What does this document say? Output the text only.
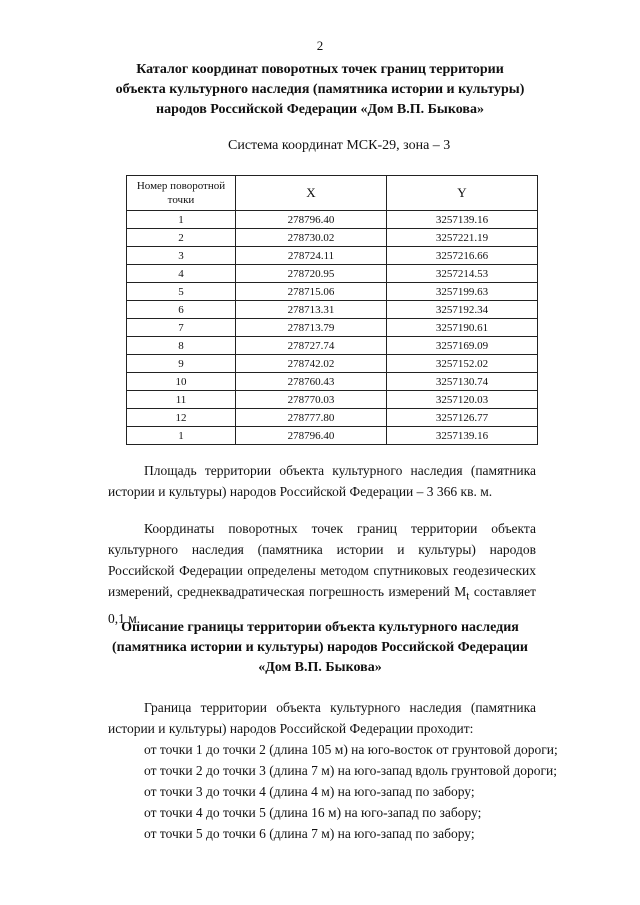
2
Каталог координат поворотных точек границ территории
объекта культурного наследия (памятника истории и культуры)
народов Российской Федерации «Дом В.П. Быкова»
Система координат МСК-29, зона – 3
Номер поворотной точки	X	Y
1	278796.40	3257139.16
2	278730.02	3257221.19
3	278724.11	3257216.66
4	278720.95	3257214.53
5	278715.06	3257199.63
6	278713.31	3257192.34
7	278713.79	3257190.61
8	278727.74	3257169.09
9	278742.02	3257152.02
10	278760.43	3257130.74
11	278770.03	3257120.03
12	278777.80	3257126.77
1	278796.40	3257139.16
Площадь территории объекта культурного наследия (памятника истории и культуры) народов Российской Федерации – 3 366 кв. м.
Координаты поворотных точек границ территории объекта культурного наследия (памятника истории и культуры) народов Российской Федерации определены методом спутниковых геодезических измерений, среднеквадратическая погрешность измерений $M_t$ составляет 0,1 м.
Описание границы территории объекта культурного наследия
(памятника истории и культуры) народов Российской Федерации
«Дом В.П. Быкова»
Граница территории объекта культурного наследия (памятника истории и культуры) народов Российской Федерации проходит:
от точки 1 до точки 2 (длина 105 м) на юго-восток от грунтовой дороги;
от точки 2 до точки 3 (длина 7 м) на юго-запад вдоль грунтовой дороги;
от точки 3 до точки 4 (длина 4 м) на юго-запад по забору;
от точки 4 до точки 5 (длина 16 м) на юго-запад по забору;
от точки 5 до точки 6 (длина 7 м) на юго-запад по забору;
